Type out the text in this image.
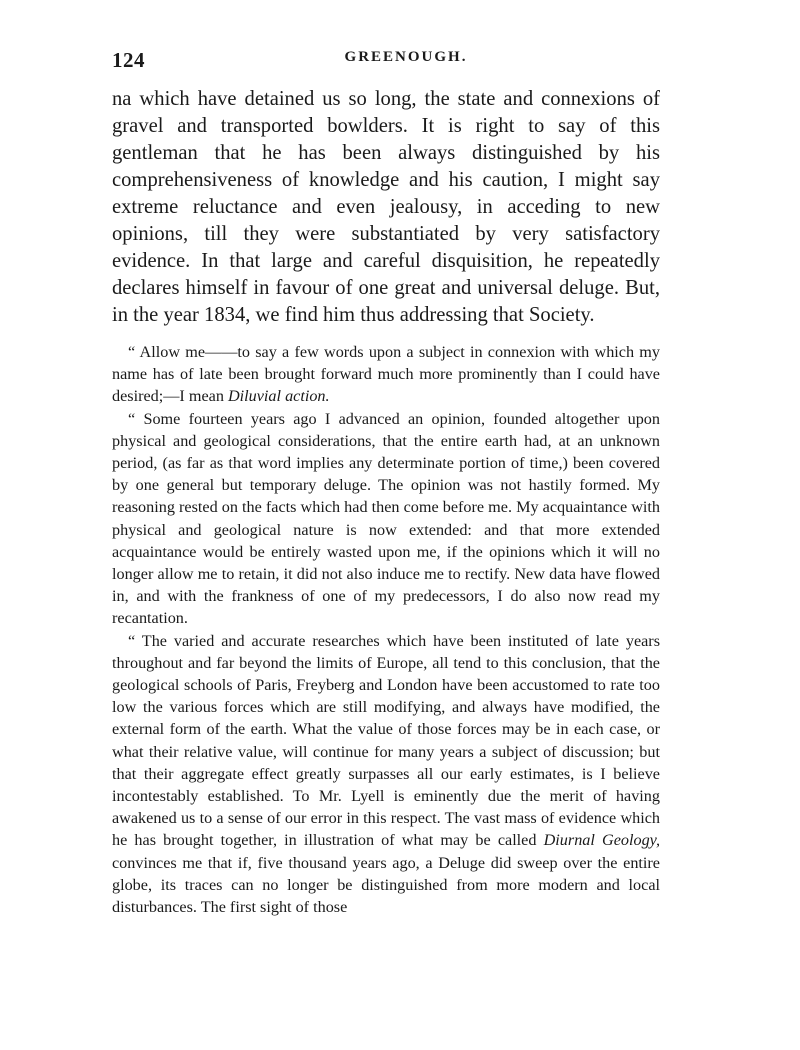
124	GREENOUGH.

na which have detained us so long, the state and connexions of gravel and transported bowlders. It is right to say of this gentleman that he has been always distinguished by his comprehensiveness of knowledge and his caution, I might say extreme reluctance and even jealousy, in acceding to new opinions, till they were substantiated by very satisfactory evidence. In that large and careful disquisition, he repeatedly declares himself in favour of one great and universal deluge. But, in the year 1834, we find him thus addressing that Society.

“ Allow me——to say a few words upon a subject in connexion with which my name has of late been brought forward much more prominently than I could have desired;—I mean Diluvial action.

“ Some fourteen years ago I advanced an opinion, founded altogether upon physical and geological considerations, that the entire earth had, at an unknown period, (as far as that word implies any determinate portion of time,) been covered by one general but temporary deluge. The opinion was not hastily formed. My reasoning rested on the facts which had then come before me. My acquaintance with physical and geological nature is now extended: and that more extended acquaintance would be entirely wasted upon me, if the opinions which it will no longer allow me to retain, it did not also induce me to rectify. New data have flowed in, and with the frankness of one of my predecessors, I do also now read my recantation.

“ The varied and accurate researches which have been instituted of late years throughout and far beyond the limits of Europe, all tend to this conclusion, that the geological schools of Paris, Freyberg and London have been accustomed to rate too low the various forces which are still modifying, and always have modified, the external form of the earth. What the value of those forces may be in each case, or what their relative value, will continue for many years a subject of discussion; but that their aggregate effect greatly surpasses all our early estimates, is I believe incontestably established. To Mr. Lyell is eminently due the merit of having awakened us to a sense of our error in this respect. The vast mass of evidence which he has brought together, in illustration of what may be called Diurnal Geology, convinces me that if, five thousand years ago, a Deluge did sweep over the entire globe, its traces can no longer be distinguished from more modern and local disturbances. The first sight of those
